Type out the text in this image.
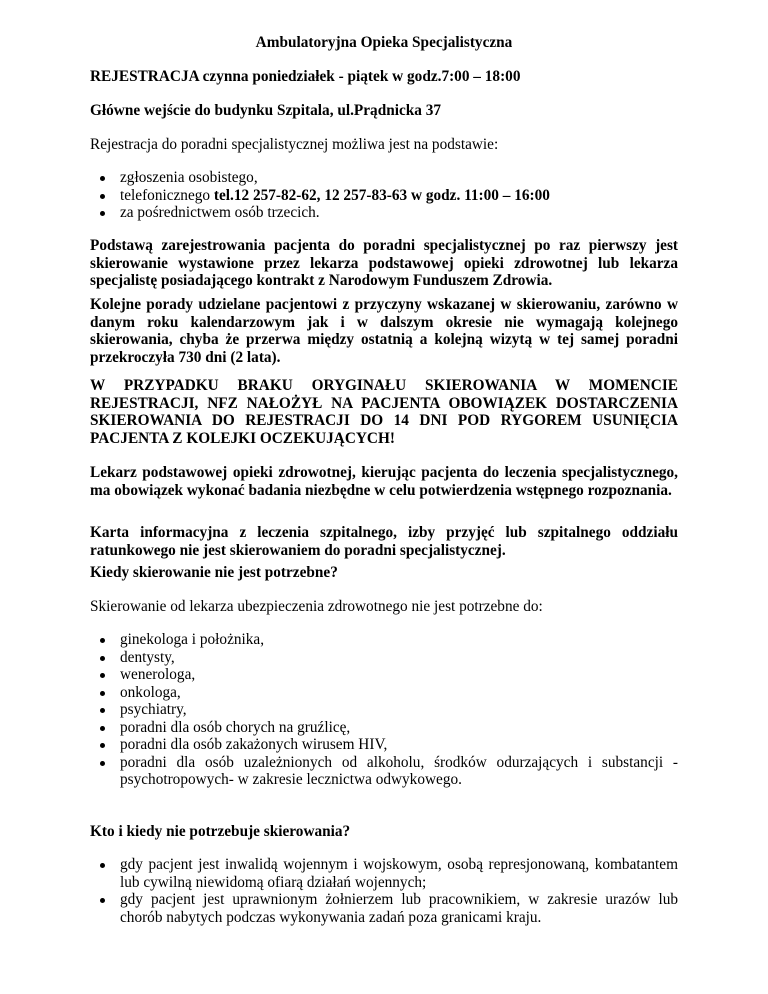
Ambulatoryjna Opieka Specjalistyczna

REJESTRACJA czynna poniedziałek - piątek w godz.7:00 – 18:00

Główne wejście do budynku Szpitala, ul.Prądnicka 37

Rejestracja do poradni specjalistycznej możliwa jest na podstawie:

zgłoszenia osobistego,
telefonicznego tel.12 257-82-62, 12 257-83-63 w godz. 11:00 – 16:00
za pośrednictwem osób trzecich.

Podstawą zarejestrowania pacjenta do poradni specjalistycznej po raz pierwszy jest skierowanie wystawione przez lekarza podstawowej opieki zdrowotnej lub lekarza specjalistę posiadającego kontrakt z Narodowym Funduszem Zdrowia.

Kolejne porady udzielane pacjentowi z przyczyny wskazanej w skierowaniu, zarówno w danym roku kalendarzowym jak i w dalszym okresie nie wymagają kolejnego skierowania, chyba że przerwa między ostatnią a kolejną wizytą w tej samej poradni przekroczyła 730 dni (2 lata).

W PRZYPADKU BRAKU ORYGINAŁU SKIEROWANIA W MOMENCIE REJESTRACJI, NFZ NAŁOŻYŁ NA PACJENTA OBOWIĄZEK DOSTARCZENIA SKIEROWANIA DO REJESTRACJI DO 14 DNI POD RYGOREM USUNIĘCIA PACJENTA Z KOLEJKI OCZEKUJĄCYCH!

Lekarz podstawowej opieki zdrowotnej, kierując pacjenta do leczenia specjalistycznego, ma obowiązek wykonać badania niezbędne w celu potwierdzenia wstępnego rozpoznania.

Karta informacyjna z leczenia szpitalnego, izby przyjęć lub szpitalnego oddziału ratunkowego nie jest skierowaniem do poradni specjalistycznej.

Kiedy skierowanie nie jest potrzebne?

Skierowanie od lekarza ubezpieczenia zdrowotnego nie jest potrzebne do:

ginekologa i położnika,
dentysty,
wenerologa,
onkologa,
psychiatry,
poradni dla osób chorych na gruźlicę,
poradni dla osób zakażonych wirusem HIV,
poradni dla osób uzależnionych od alkoholu, środków odurzających i substancji - psychotropowych- w zakresie lecznictwa odwykowego.

Kto i kiedy nie potrzebuje skierowania?

gdy pacjent jest inwalidą wojennym i wojskowym, osobą represjonowaną, kombatantem lub cywilną niewidomą ofiarą działań wojennych;
gdy pacjent jest uprawnionym żołnierzem lub pracownikiem, w zakresie urazów lub chorób nabytych podczas wykonywania zadań poza granicami kraju.
